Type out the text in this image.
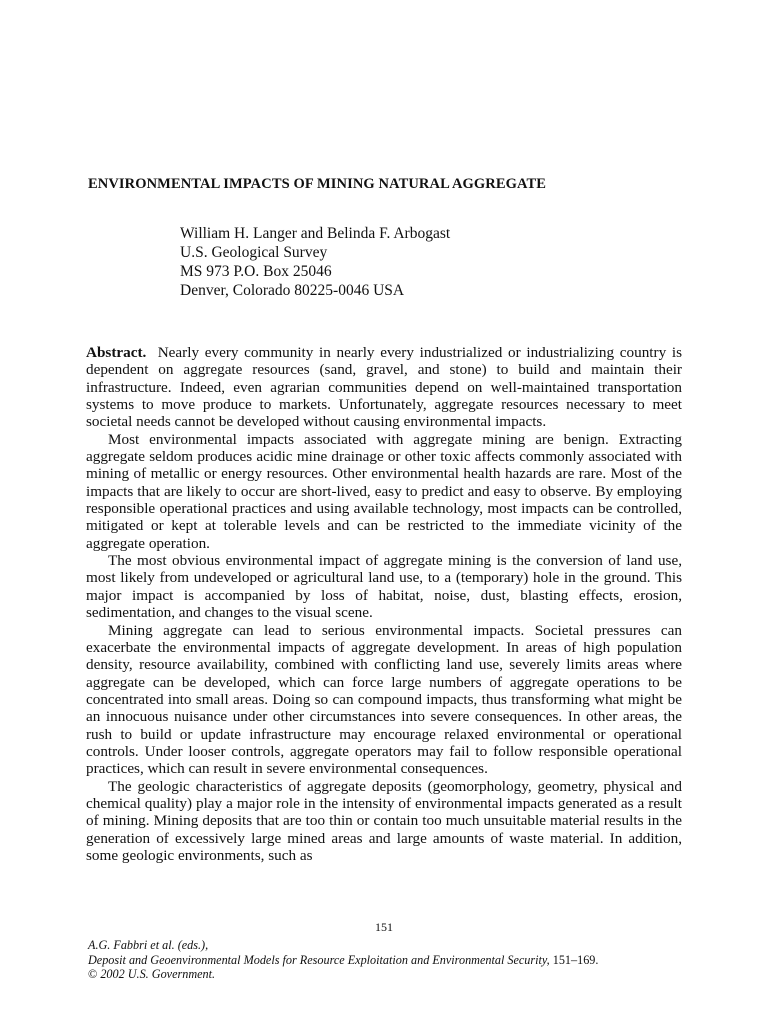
ENVIRONMENTAL IMPACTS OF MINING NATURAL AGGREGATE
William H. Langer and Belinda F. Arbogast
U.S. Geological Survey
MS 973 P.O. Box 25046
Denver, Colorado 80225-0046 USA

Abstract. Nearly every community in nearly every industrialized or industrializing country is dependent on aggregate resources (sand, gravel, and stone) to build and maintain their infrastructure. Indeed, even agrarian communities depend on well-maintained transportation systems to move produce to markets. Unfortunately, aggregate resources necessary to meet societal needs cannot be developed without causing environmental impacts.

Most environmental impacts associated with aggregate mining are benign. Extracting aggregate seldom produces acidic mine drainage or other toxic affects commonly associated with mining of metallic or energy resources. Other environmental health hazards are rare. Most of the impacts that are likely to occur are short-lived, easy to predict and easy to observe. By employing responsible operational practices and using available technology, most impacts can be controlled, mitigated or kept at tolerable levels and can be restricted to the immediate vicinity of the aggregate operation.

The most obvious environmental impact of aggregate mining is the conversion of land use, most likely from undeveloped or agricultural land use, to a (temporary) hole in the ground. This major impact is accompanied by loss of habitat, noise, dust, blasting effects, erosion, sedimentation, and changes to the visual scene.

Mining aggregate can lead to serious environmental impacts. Societal pressures can exacerbate the environmental impacts of aggregate development. In areas of high population density, resource availability, combined with conflicting land use, severely limits areas where aggregate can be developed, which can force large numbers of aggregate operations to be concentrated into small areas. Doing so can compound impacts, thus transforming what might be an innocuous nuisance under other circumstances into severe consequences. In other areas, the rush to build or update infrastructure may encourage relaxed environmental or operational controls. Under looser controls, aggregate operators may fail to follow responsible operational practices, which can result in severe environmental consequences.

The geologic characteristics of aggregate deposits (geomorphology, geometry, physical and chemical quality) play a major role in the intensity of environmental impacts generated as a result of mining. Mining deposits that are too thin or contain too much unsuitable material results in the generation of excessively large mined areas and large amounts of waste material. In addition, some geologic environments, such as

151
A.G. Fabbri et al. (eds.),
Deposit and Geoenvironmental Models for Resource Exploitation and Environmental Security, 151–169.
© 2002 U.S. Government.
